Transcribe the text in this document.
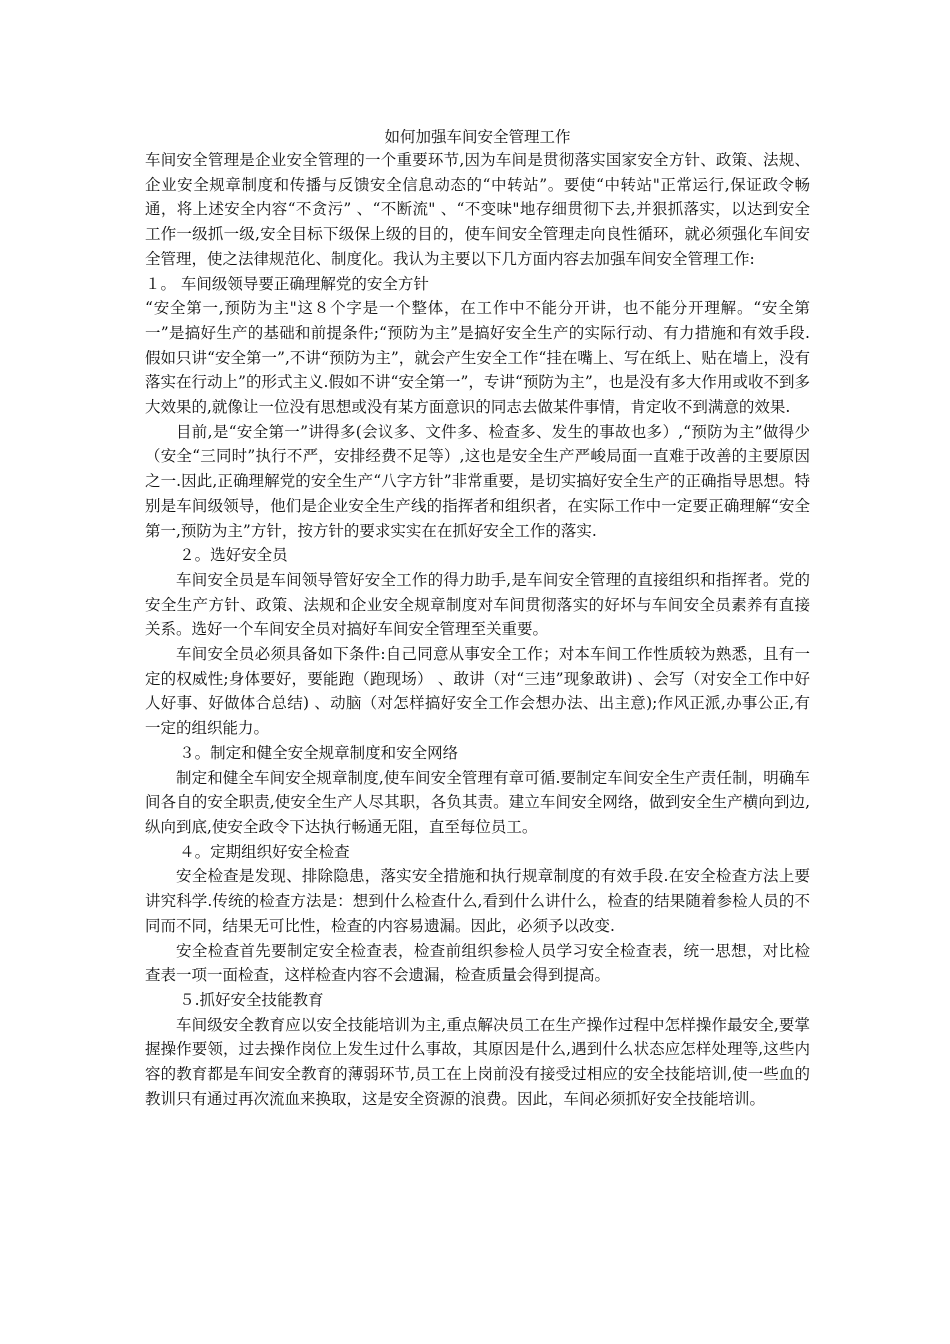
如何加强车间安全管理工作

车间安全管理是企业安全管理的一个重要环节,因为车间是贯彻落实国家安全方针、政策、法规、企业安全规章制度和传播与反馈安全信息动态的“中转站”。要使“中转站"正常运行,保证政令畅通，将上述安全内容“不贪污” 、“不断流" 、“不变味"地存细贯彻下去,并狠抓落实，以达到安全工作一级抓一级,安全目标下级保上级的目的，使车间安全管理走向良性循环，就必须强化车间安全管理，使之法律规范化、制度化。我认为主要以下几方面内容去加强车间安全管理工作:

１。 车间级领导要正确理解党的安全方针

“安全第一,预防为主"这８个字是一个整体，在工作中不能分开讲，也不能分开理解。“安全第一”是搞好生产的基础和前提条件;“预防为主”是搞好安全生产的实际行动、有力措施和有效手段.假如只讲“安全第一”,不讲“预防为主”，就会产生安全工作“挂在嘴上、写在纸上、贴在墙上，没有落实在行动上”的形式主义.假如不讲“安全第一”，专讲“预防为主”，也是没有多大作用或收不到多大效果的,就像让一位没有思想或没有某方面意识的同志去做某件事情，肯定收不到满意的效果.

目前,是“安全第一”讲得多(会议多、文件多、检查多、发生的事故也多）,“预防为主”做得少（安全“三同时”执行不严，安排经费不足等）,这也是安全生产严峻局面一直难于改善的主要原因之一.因此,正确理解党的安全生产“八字方针”非常重要，是切实搞好安全生产的正确指导思想。特别是车间级领导，他们是企业安全生产线的指挥者和组织者，在实际工作中一定要正确理解“安全第一,预防为主”方针，按方针的要求实实在在抓好安全工作的落实.

２。选好安全员

车间安全员是车间领导管好安全工作的得力助手,是车间安全管理的直接组织和指挥者。党的安全生产方针、政策、法规和企业安全规章制度对车间贯彻落实的好坏与车间安全员素养有直接关系。选好一个车间安全员对搞好车间安全管理至关重要。

车间安全员必须具备如下条件:自己同意从事安全工作；对本车间工作性质较为熟悉，且有一定的权威性;身体要好，要能跑（跑现场） 、敢讲（对“三违”现象敢讲) 、会写（对安全工作中好人好事、好做体合总结) 、动脑（对怎样搞好安全工作会想办法、出主意);作风正派,办事公正,有一定的组织能力。

３。制定和健全安全规章制度和安全网络

制定和健全车间安全规章制度,使车间安全管理有章可循.要制定车间安全生产责任制，明确车间各自的安全职责,使安全生产人尽其职，各负其责。建立车间安全网络，做到安全生产横向到边,纵向到底,使安全政令下达执行畅通无阻，直至每位员工。

４。定期组织好安全检查

安全检查是发现、排除隐患，落实安全措施和执行规章制度的有效手段.在安全检查方法上要讲究科学.传统的检查方法是：想到什么检查什么,看到什么讲什么，检查的结果随着参检人员的不同而不同，结果无可比性，检查的内容易遗漏。因此，必须予以改变.

安全检查首先要制定安全检查表，检查前组织参检人员学习安全检查表，统一思想，对比检查表一项一面检查，这样检查内容不会遗漏，检查质量会得到提高。

５.抓好安全技能教育

车间级安全教育应以安全技能培训为主,重点解决员工在生产操作过程中怎样操作最安全,要掌握操作要领，过去操作岗位上发生过什么事故，其原因是什么,遇到什么状态应怎样处理等,这些内容的教育都是车间安全教育的薄弱环节,员工在上岗前没有接受过相应的安全技能培训,使一些血的教训只有通过再次流血来换取，这是安全资源的浪费。因此，车间必须抓好安全技能培训。
